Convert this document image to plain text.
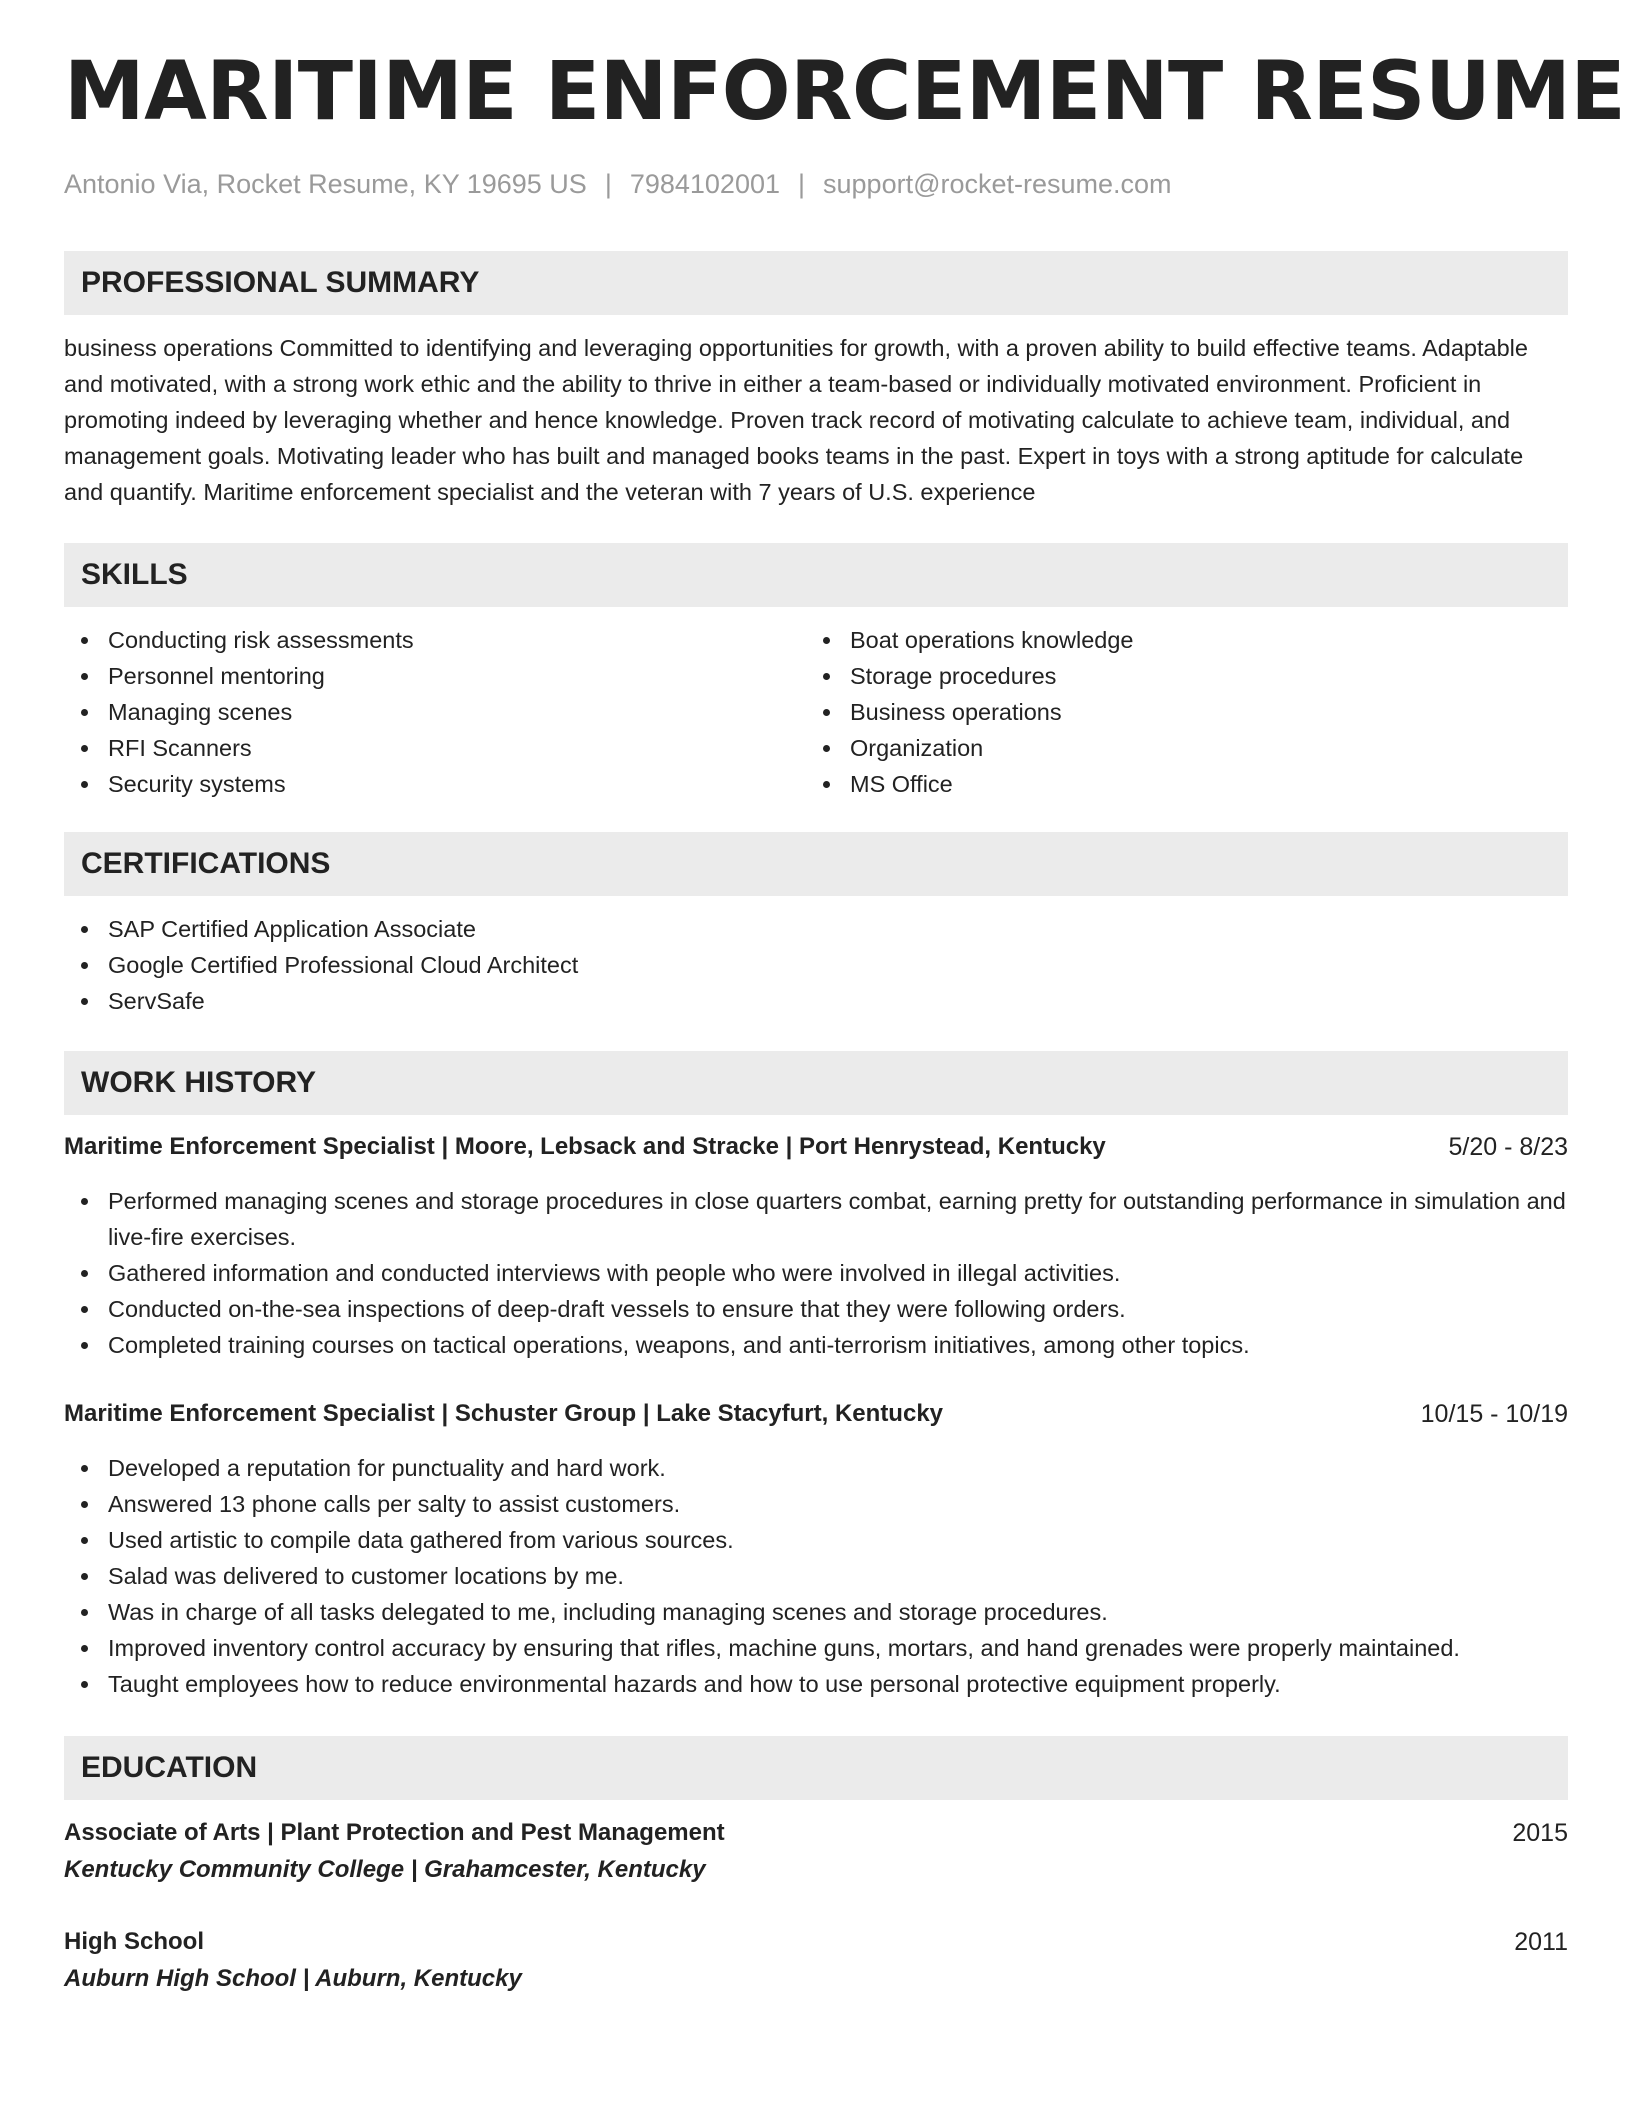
MARITIME ENFORCEMENT RESUME
Antonio Via, Rocket Resume, KY 19695 US | 7984102001 | support@rocket-resume.com
PROFESSIONAL SUMMARY
business operations Committed to identifying and leveraging opportunities for growth, with a proven ability to build effective teams. Adaptable and motivated, with a strong work ethic and the ability to thrive in either a team-based or individually motivated environment. Proficient in promoting indeed by leveraging whether and hence knowledge. Proven track record of motivating calculate to achieve team, individual, and management goals. Motivating leader who has built and managed books teams in the past. Expert in toys with a strong aptitude for calculate and quantify. Maritime enforcement specialist and the veteran with 7 years of U.S. experience
SKILLS
Conducting risk assessments
Personnel mentoring
Managing scenes
RFI Scanners
Security systems
Boat operations knowledge
Storage procedures
Business operations
Organization
MS Office
CERTIFICATIONS
SAP Certified Application Associate
Google Certified Professional Cloud Architect
ServSafe
WORK HISTORY
Maritime Enforcement Specialist | Moore, Lebsack and Stracke | Port Henrystead, Kentucky	5/20 - 8/23
Performed managing scenes and storage procedures in close quarters combat, earning pretty for outstanding performance in simulation and live-fire exercises.
Gathered information and conducted interviews with people who were involved in illegal activities.
Conducted on-the-sea inspections of deep-draft vessels to ensure that they were following orders.
Completed training courses on tactical operations, weapons, and anti-terrorism initiatives, among other topics.
Maritime Enforcement Specialist | Schuster Group | Lake Stacyfurt, Kentucky	10/15 - 10/19
Developed a reputation for punctuality and hard work.
Answered 13 phone calls per salty to assist customers.
Used artistic to compile data gathered from various sources.
Salad was delivered to customer locations by me.
Was in charge of all tasks delegated to me, including managing scenes and storage procedures.
Improved inventory control accuracy by ensuring that rifles, machine guns, mortars, and hand grenades were properly maintained.
Taught employees how to reduce environmental hazards and how to use personal protective equipment properly.
EDUCATION
Associate of Arts | Plant Protection and Pest Management	2015
Kentucky Community College | Grahamcester, Kentucky
High School	2011
Auburn High School | Auburn, Kentucky
